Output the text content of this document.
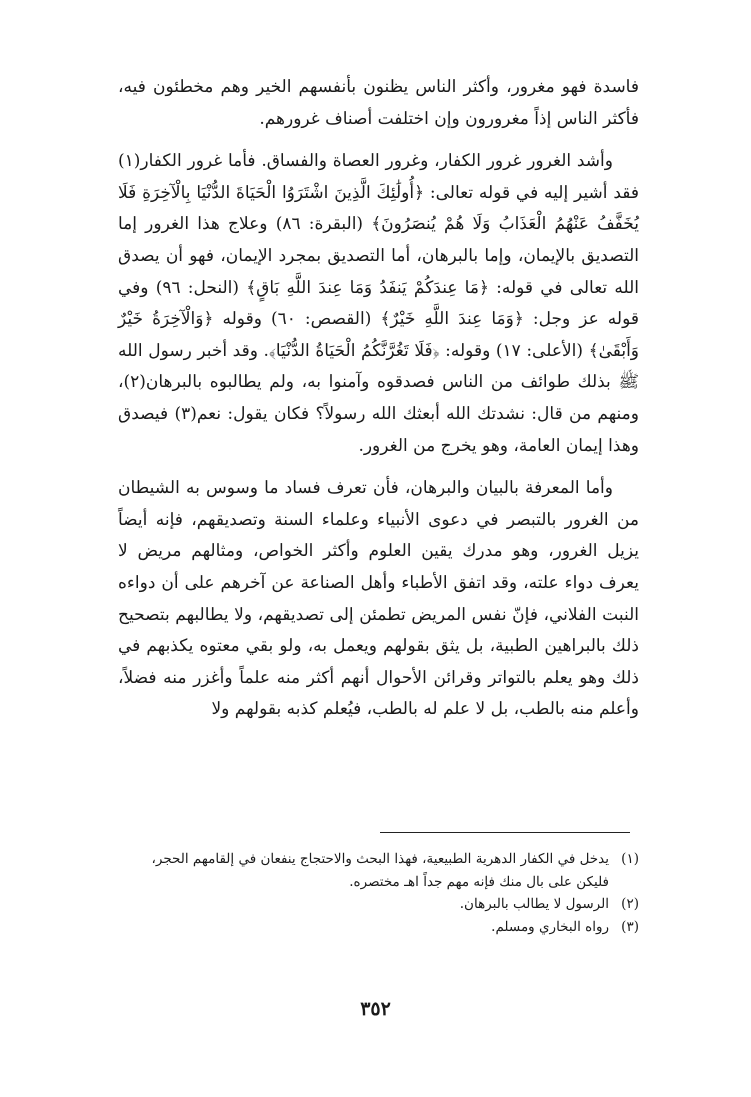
فاسدة فهو مغرور، وأكثر الناس يظنون بأنفسهم الخير وهم مخطئون فيه، فأكثر الناس إذاً مغرورون وإن اختلفت أصناف غرورهم.

وأشد الغرور غرور الكفار، وغرور العصاة والفساق. فأما غرور الكفار(١) فقد أشير إليه في قوله تعالى: ﴿أُولَٰئِكَ الَّذِينَ اشْتَرَوُا الْحَيَاةَ الدُّنْيَا بِالْآخِرَةِ فَلَا يُخَفَّفُ عَنْهُمُ الْعَذَابُ وَلَا هُمْ يُنصَرُونَ﴾ (البقرة: ٨٦) وعلاج هذا الغرور إما التصديق بالإيمان، وإما بالبرهان، أما التصديق بمجرد الإيمان، فهو أن يصدق الله تعالى في قوله: ﴿مَا عِندَكُمْ يَنفَدُ وَمَا عِندَ اللَّهِ بَاقٍ﴾ (النحل: ٩٦) وفي قوله عز وجل: ﴿وَمَا عِندَ اللَّهِ خَيْرٌ﴾ (القصص: ٦٠) وقوله ﴿وَالْآخِرَةُ خَيْرٌ وَأَبْقَىٰ﴾ (الأعلى: ١٧) وقوله: ﴿فَلَا تَغُرَّنَّكُمُ الْحَيَاةُ الدُّنْيَا﴾. وقد أخبر رسول الله ﷺ بذلك طوائف من الناس فصدقوه وآمنوا به، ولم يطالبوه بالبرهان(٢)، ومنهم من قال: نشدتك الله أبعثك الله رسولاً؟ فكان يقول: نعم(٣) فيصدق وهذا إيمان العامة، وهو يخرج من الغرور.

وأما المعرفة بالبيان والبرهان، فأن تعرف فساد ما وسوس به الشيطان من الغرور بالتبصر في دعوى الأنبياء وعلماء السنة وتصديقهم، فإنه أيضاً يزيل الغرور، وهو مدرك يقين العلوم وأكثر الخواص، ومثالهم مريض لا يعرف دواء علته، وقد اتفق الأطباء وأهل الصناعة عن آخرهم على أن دواءه النبت الفلاني، فإنّ نفس المريض تطمئن إلى تصديقهم، ولا يطالبهم بتصحيح ذلك بالبراهين الطبية، بل يثق بقولهم ويعمل به، ولو بقي معتوه يكذبهم في ذلك وهو يعلم بالتواتر وقرائن الأحوال أنهم أكثر منه علماً وأغزر منه فضلاً، وأعلم منه بالطب، بل لا علم له بالطب، فيُعلم كذبه بقولهم ولا

(١)
يدخل في الكفار الدهرية الطبيعية، فهذا البحث والاحتجاج ينفعان في إلقامهم الحجر، فليكن على بال منك فإنه مهم جداً اهـ مختصره.
(٢)
الرسول لا يطالب بالبرهان.
(٣)
رواه البخاري ومسلم.
٣٥٢
